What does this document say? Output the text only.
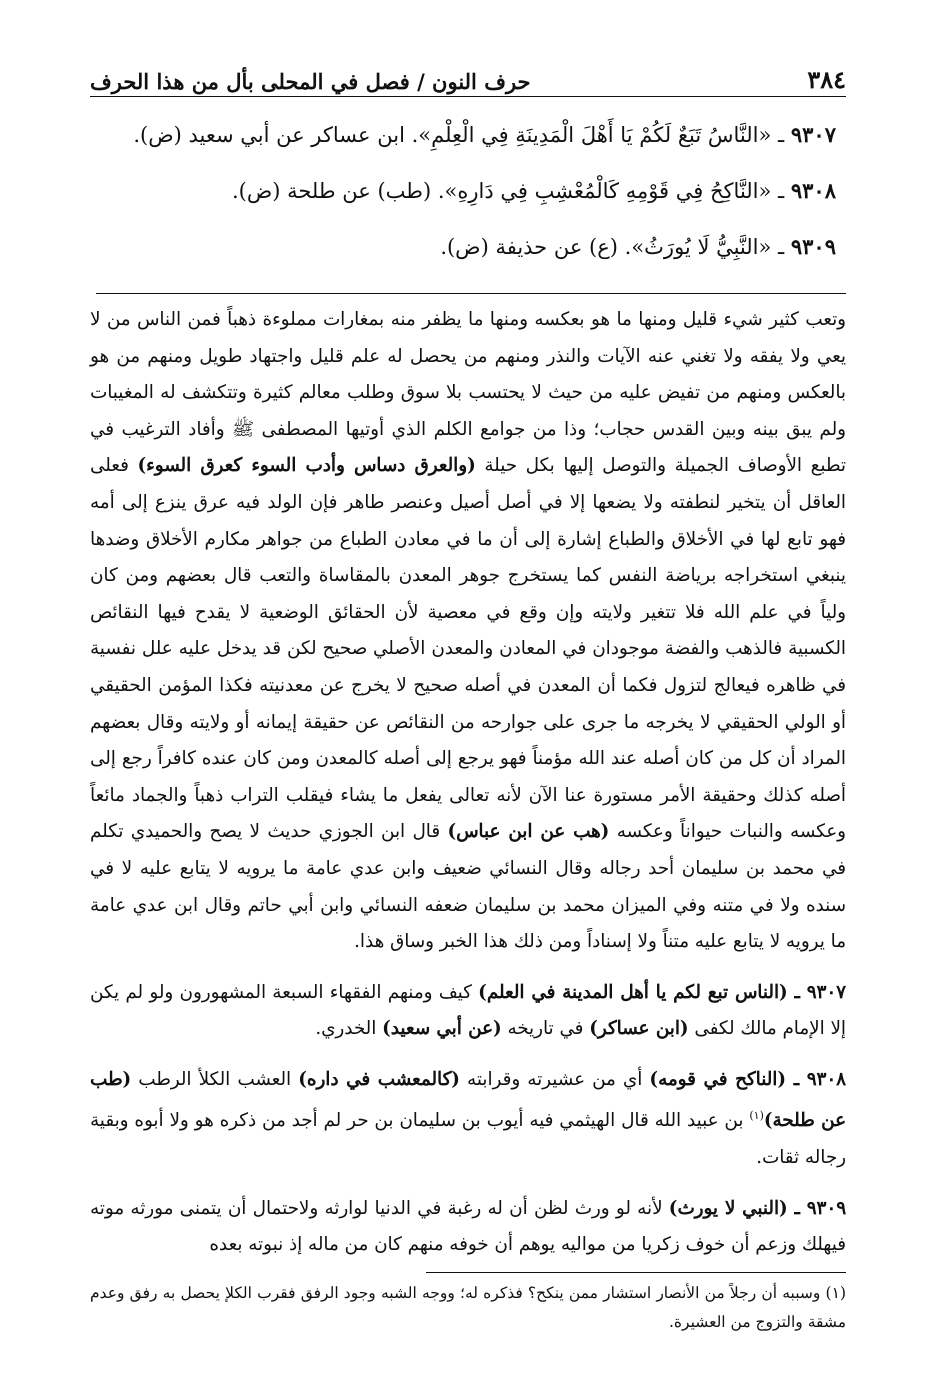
٣٨٤
حرف النون / فصل في المحلى بأل من هذا الحرف
٩٣٠٧ ـ «النَّاسُ تَبَعٌ لَكُمْ يَا أَهْلَ الْمَدِينَةِ فِي الْعِلْمِ». ابن عساكر عن أبي سعيد (ض).
٩٣٠٨ ـ «النَّاكِحُ فِي قَوْمِهِ كَالْمُعْشِبِ فِي دَارِهِ». (طب) عن طلحة (ض).
٩٣٠٩ ـ «النَّبِيُّ لَا يُورَثُ». (ع) عن حذيفة (ض).

وتعب كثير شيء قليل ومنها ما هو بعكسه ومنها ما يظفر منه بمغارات مملوءة ذهباً فمن الناس من لا يعي ولا يفقه ولا تغني عنه الآيات والنذر ومنهم من يحصل له علم قليل واجتهاد طويل ومنهم من هو بالعكس ومنهم من تفيض عليه من حيث لا يحتسب بلا سوق وطلب معالم كثيرة وتتكشف له المغيبات ولم يبق بينه وبين القدس حجاب؛ وذا من جوامع الكلم الذي أوتيها المصطفى ﷺ وأفاد الترغيب في تطبع الأوصاف الجميلة والتوصل إليها بكل حيلة (والعرق دساس وأدب السوء كعرق السوء) فعلى العاقل أن يتخير لنطفته ولا يضعها إلا في أصل أصيل وعنصر طاهر فإن الولد فيه عرق ينزع إلى أمه فهو تابع لها في الأخلاق والطباع إشارة إلى أن ما في معادن الطباع من جواهر مكارم الأخلاق وضدها ينبغي استخراجه برياضة النفس كما يستخرج جوهر المعدن بالمقاساة والتعب قال بعضهم ومن كان ولياً في علم الله فلا تتغير ولايته وإن وقع في معصية لأن الحقائق الوضعية لا يقدح فيها النقائص الكسبية فالذهب والفضة موجودان في المعادن والمعدن الأصلي صحيح لكن قد يدخل عليه علل نفسية في ظاهره فيعالج لتزول فكما أن المعدن في أصله صحيح لا يخرج عن معدنيته فكذا المؤمن الحقيقي أو الولي الحقيقي لا يخرجه ما جرى على جوارحه من النقائص عن حقيقة إيمانه أو ولايته وقال بعضهم المراد أن كل من كان أصله عند الله مؤمناً فهو يرجع إلى أصله كالمعدن ومن كان عنده كافراً رجع إلى أصله كذلك وحقيقة الأمر مستورة عنا الآن لأنه تعالى يفعل ما يشاء فيقلب التراب ذهباً والجماد مائعاً وعكسه والنبات حيواناً وعكسه (هب عن ابن عباس) قال ابن الجوزي حديث لا يصح والحميدي تكلم في محمد بن سليمان أحد رجاله وقال النسائي ضعيف وابن عدي عامة ما يرويه لا يتابع عليه لا في سنده ولا في متنه وفي الميزان محمد بن سليمان ضعفه النسائي وابن أبي حاتم وقال ابن عدي عامة ما يرويه لا يتابع عليه متناً ولا إسناداً ومن ذلك هذا الخبر وساق هذا.

٩٣٠٧ ـ (الناس تبع لكم يا أهل المدينة في العلم) كيف ومنهم الفقهاء السبعة المشهورون ولو لم يكن إلا الإمام مالك لكفى (ابن عساكر) في تاريخه (عن أبي سعيد) الخدري.

٩٣٠٨ ـ (الناكح في قومه) أي من عشيرته وقرابته (كالمعشب في داره) العشب الكلأ الرطب (طب عن طلحة)$^{(١)}$ بن عبيد الله قال الهيثمي فيه أيوب بن سليمان بن حر لم أجد من ذكره هو ولا أبوه وبقية رجاله ثقات.

٩٣٠٩ ـ (النبي لا يورث) لأنه لو ورث لظن أن له رغبة في الدنيا لوارثه ولاحتمال أن يتمنى مورثه موته فيهلك وزعم أن خوف زكريا من مواليه يوهم أن خوفه منهم كان من ماله إذ نبوته بعده

(١) وسببه أن رجلاً من الأنصار استشار ممن ينكح؟ فذكره له؛ ووجه الشبه وجود الرفق فقرب الكلإ يحصل به رفق وعدم مشقة والتزوج من العشيرة.
